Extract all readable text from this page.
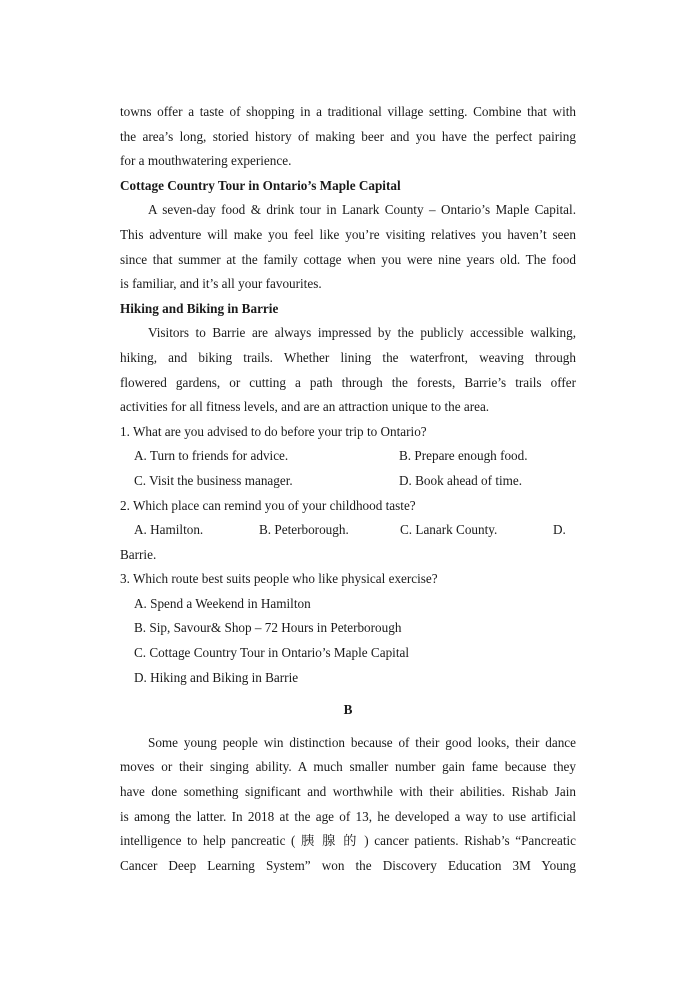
towns offer a taste of shopping in a traditional village setting. Combine that with
the area’s long, storied history of making beer and you have the perfect pairing
for a mouthwatering experience.
Cottage Country Tour in Ontario’s Maple Capital
A seven-day food & drink tour in Lanark County – Ontario’s Maple Capital.
This adventure will make you feel like you’re visiting relatives you haven’t seen
since that summer at the family cottage when you were nine years old. The food
is familiar, and it’s all your favourites.
Hiking and Biking in Barrie
Visitors to Barrie are always impressed by the publicly accessible walking,
hiking, and biking trails. Whether lining the waterfront, weaving through
flowered gardens, or cutting a path through the forests, Barrie’s trails offer
activities for all fitness levels, and are an attraction unique to the area.
1. What are you advised to do before your trip to Ontario?
A. Turn to friends for advice.	B. Prepare enough food.
C. Visit the business manager.	D. Book ahead of time.
2. Which place can remind you of your childhood taste?
A. Hamilton.	B. Peterborough.	C. Lanark County.	D.
Barrie.
3. Which route best suits people who like physical exercise?
A. Spend a Weekend in Hamilton
B. Sip, Savour& Shop – 72 Hours in Peterborough
C. Cottage Country Tour in Ontario’s Maple Capital
D. Hiking and Biking in Barrie
B
Some young people win distinction because of their good looks, their dance
moves or their singing ability. A much smaller number gain fame because they
have done something significant and worthwhile with their abilities. Rishab Jain
is among the latter. In 2018 at the age of 13, he developed a way to use artificial
intelligence to help pancreatic ( 胰 腺 的 ) cancer patients. Rishab’s “Pancreatic
Cancer Deep Learning System” won the Discovery Education 3M Young
